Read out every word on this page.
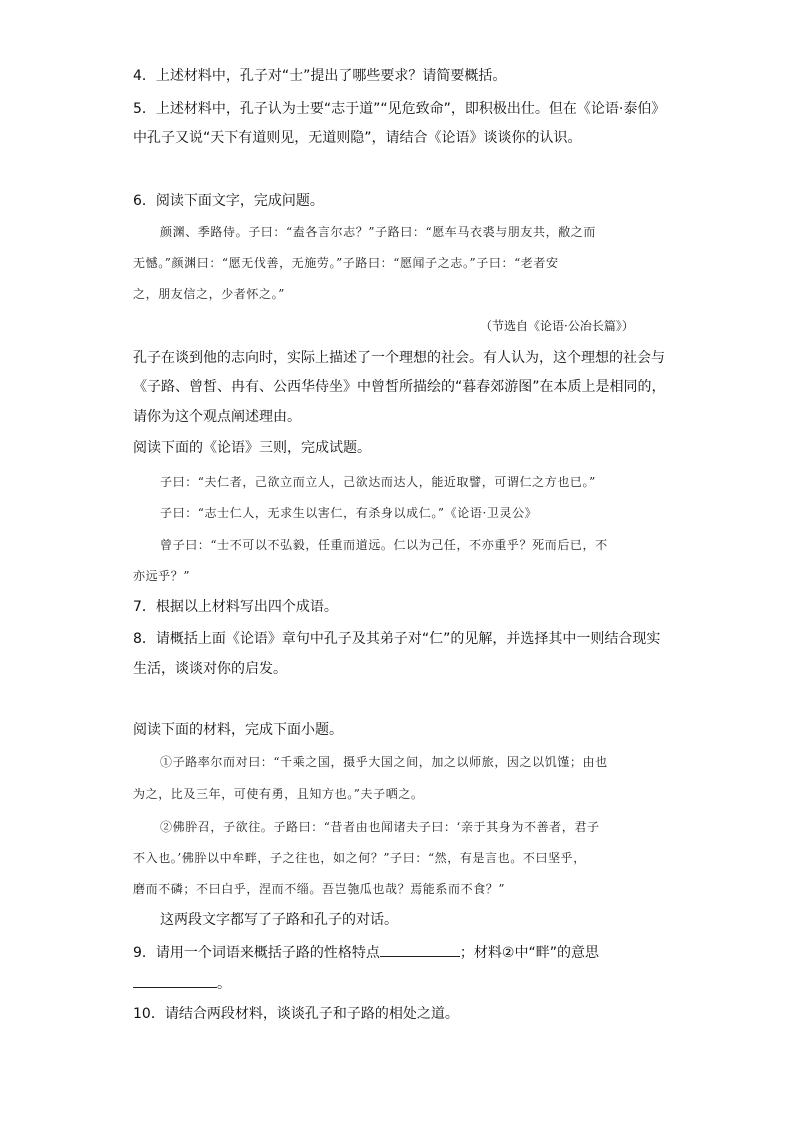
4．上述材料中，孔子对“士”提出了哪些要求？请简要概括。
5．上述材料中，孔子认为士要“志于道”“见危致命”，即积极出仕。但在《论语·泰伯》
中孔子又说“天下有道则见，无道则隐”，请结合《论语》谈谈你的认识。
6．阅读下面文字，完成问题。
颜渊、季路侍。子曰：“盍各言尔志？”子路曰：“愿车马衣裘与朋友共，敝之而
无憾。”颜渊曰：“愿无伐善，无施劳。”子路曰：“愿闻子之志。”子曰：“老者安
之，朋友信之，少者怀之。”
（节选自《论语·公冶长篇》）
孔子在谈到他的志向时，实际上描述了一个理想的社会。有人认为，这个理想的社会与
《子路、曾皙、冉有、公西华侍坐》中曾皙所描绘的“暮春郊游图”在本质上是相同的，
请你为这个观点阐述理由。
阅读下面的《论语》三则，完成试题。
子曰：“夫仁者，己欲立而立人，己欲达而达人，能近取譬，可谓仁之方也已。”
子曰：“志士仁人，无求生以害仁，有杀身以成仁。”《论语·卫灵公》
曾子曰：“士不可以不弘毅，任重而道远。仁以为己任，不亦重乎？死而后已，不
亦远乎？”
7．根据以上材料写出四个成语。
8．请概括上面《论语》章句中孔子及其弟子对“仁”的见解，并选择其中一则结合现实
生活，谈谈对你的启发。
阅读下面的材料，完成下面小题。
①子路率尔而对曰：“千乘之国，摄乎大国之间，加之以师旅，因之以饥馑；由也
为之，比及三年，可使有勇，且知方也。”夫子哂之。
②佛肸召，子欲往。子路曰：“昔者由也闻诸夫子曰：‘亲于其身为不善者，君子
不入也。’佛肸以中牟畔，子之往也，如之何？”子曰：“然，有是言也。不曰坚乎，
磨而不磷；不曰白乎，涅而不缁。吾岂匏瓜也哉？焉能系而不食？”
这两段文字都写了子路和孔子的对话。
9．请用一个词语来概括子路的性格特点	；材料②中“畔”的意思
。
10．请结合两段材料，谈谈孔子和子路的相处之道。
